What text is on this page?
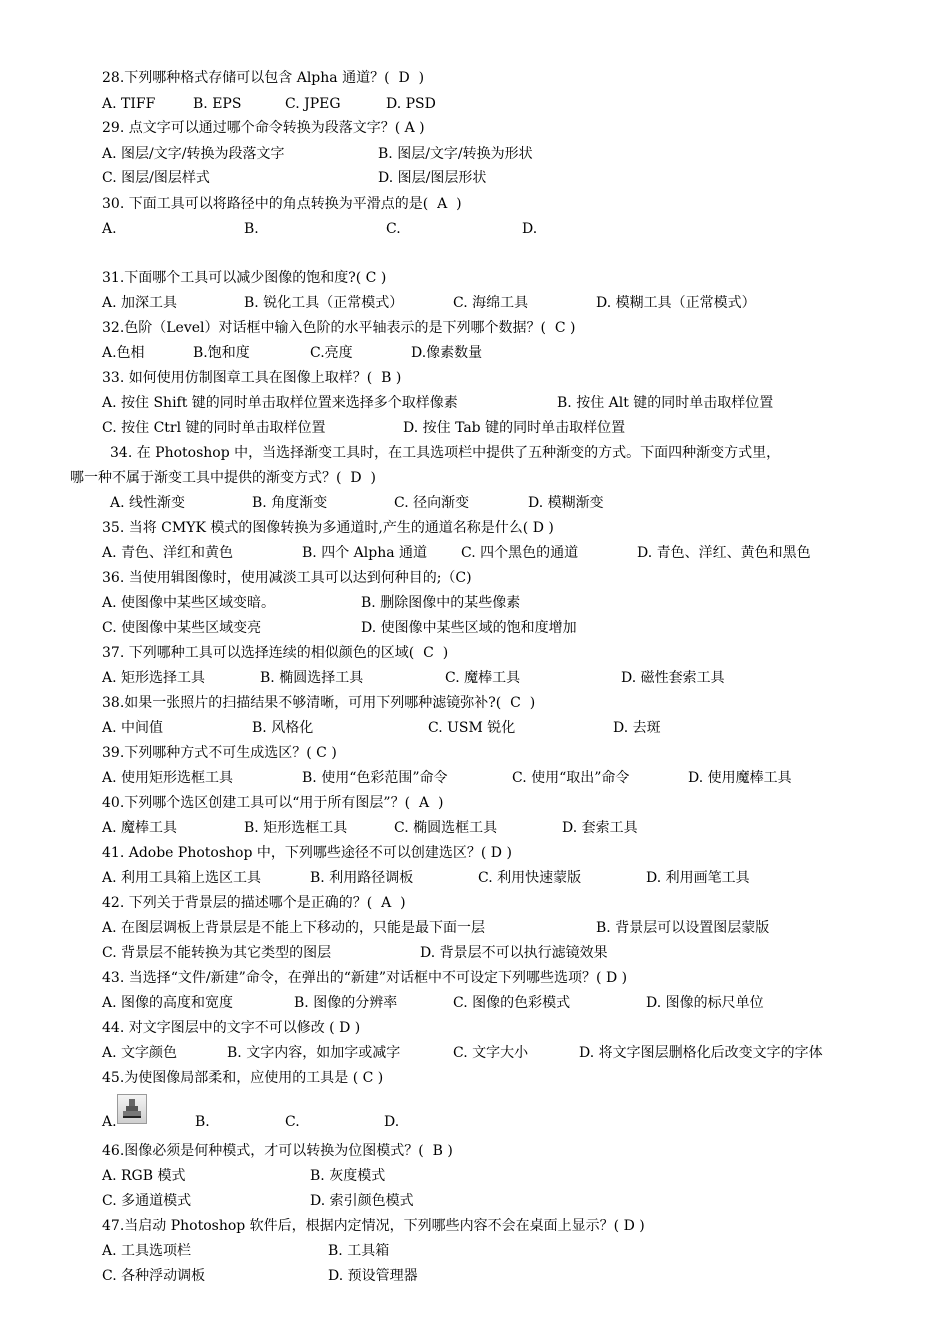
28.下列哪种格式存储可以包含 Alpha 通道？(  D  )
A. TIFF	B. EPS	C. JPEG	D. PSD
29. 点文字可以通过哪个命令转换为段落文字？( A )
A. 图层/文字/转换为段落文字	B. 图层/文字/转换为形状
C. 图层/图层样式	D. 图层/图层形状
30. 下面工具可以将路径中的角点转换为平滑点的是(  A  )
A.	B.	C.	D.
31.下面哪个工具可以减少图像的饱和度?( C )
A. 加深工具	B. 锐化工具（正常模式）	C. 海绵工具	D. 模糊工具（正常模式）
32.色阶（Level）对话框中输入色阶的水平轴表示的是下列哪个数据？(  C )
A.色相	B.饱和度	C.亮度	D.像素数量
33. 如何使用仿制图章工具在图像上取样？(  B )
A. 按住 Shift 键的同时单击取样位置来选择多个取样像素	B. 按住 Alt 键的同时单击取样位置
C. 按住 Ctrl 键的同时单击取样位置	D. 按住 Tab 键的同时单击取样位置
34. 在 Photoshop 中，当选择渐变工具时，在工具选项栏中提供了五种渐变的方式。下面四种渐变方式里，
哪一种不属于渐变工具中提供的渐变方式？(  D  )
A. 线性渐变	B. 角度渐变	C. 径向渐变	D. 模糊渐变
35. 当将 CMYK 模式的图像转换为多通道时,产生的通道名称是什么( D )
A. 青色、洋红和黄色	B. 四个 Alpha 通道 C. 四个黑色的通道	D. 青色、洋红、黄色和黑色
36. 当使用辑图像时，使用减淡工具可以达到何种目的;（C)
A. 使图像中某些区域变暗。	B. 删除图像中的某些像素
C. 使图像中某些区域变亮	D. 使图像中某些区域的饱和度增加
37. 下列哪种工具可以选择连续的相似颜色的区域(  C  )
A. 矩形选择工具	B. 椭圆选择工具	C. 魔棒工具	D. 磁性套索工具
38.如果一张照片的扫描结果不够清晰，可用下列哪种滤镜弥补?(  C  )
A. 中间值	B. 风格化	C. USM 锐化	D. 去斑
39.下列哪种方式不可生成选区？( C )
A. 使用矩形选框工具	B. 使用“色彩范围”命令	C. 使用“取出”命令	D. 使用魔棒工具
40.下列哪个选区创建工具可以“用于所有图层”？(  A  )
A. 魔棒工具	B. 矩形选框工具	C. 椭圆选框工具	D. 套索工具
41. Adobe Photoshop 中，下列哪些途径不可以创建选区？( D )
A. 利用工具箱上选区工具	B. 利用路径调板	C. 利用快速蒙版	D. 利用画笔工具
42. 下列关于背景层的描述哪个是正确的？(  A  )
A. 在图层调板上背景层是不能上下移动的，只能是最下面一层	B. 背景层可以设置图层蒙版
C. 背景层不能转换为其它类型的图层	D. 背景层不可以执行滤镜效果
43. 当选择“文件/新建”命令，在弹出的“新建”对话框中不可设定下列哪些选项？( D )
A. 图像的高度和宽度	B. 图像的分辨率	C. 图像的色彩模式	D. 图像的标尺单位
44. 对文字图层中的文字不可以修改 ( D )
A. 文字颜色	B. 文字内容，如加字或减字	C. 文字大小	D. 将文字图层删格化后改变文字的字体
45.为使图像局部柔和，应使用的工具是 ( C )
A.	B.	C.	D.
46.图像必须是何种模式，才可以转换为位图模式？(  B )
A. RGB 模式	B. 灰度模式
C. 多通道模式	D. 索引颜色模式
47.当启动 Photoshop 软件后，根据内定情况，下列哪些内容不会在桌面上显示？( D )
A. 工具选项栏	B. 工具箱
C. 各种浮动调板	D. 预设管理器
